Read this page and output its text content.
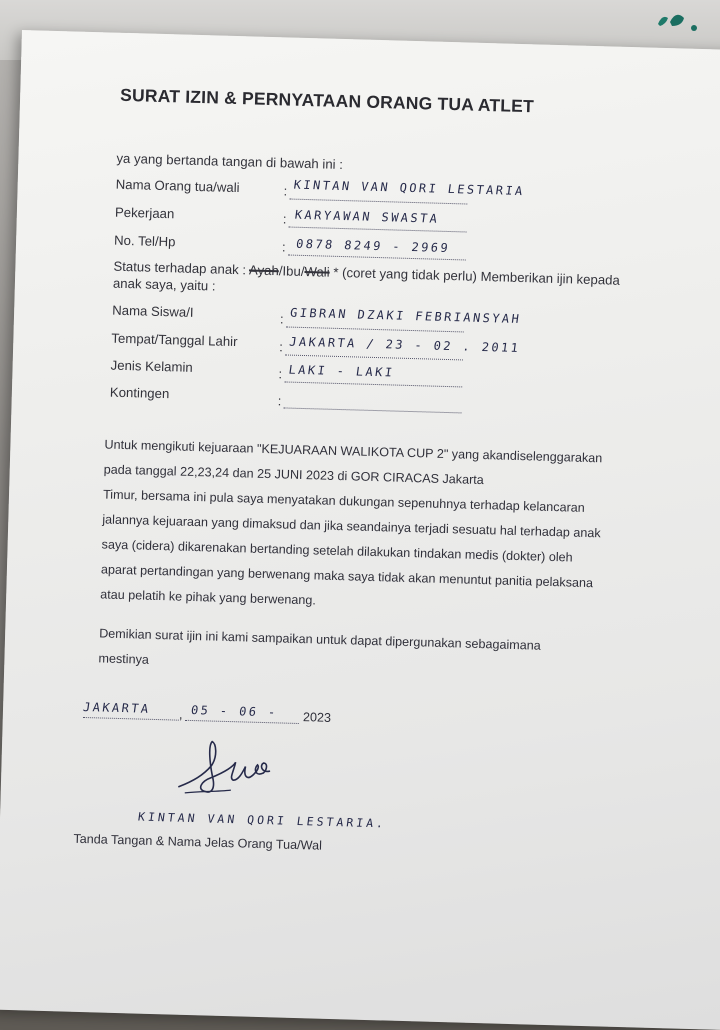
SURAT IZIN & PERNYATAAN ORANG TUA ATLET
ya yang bertanda tangan di bawah ini :
Nama Orang tua/wali	: KINTAN VAN QORI LESTARIA
Pekerjaan	: KARYAWAN SWASTA
No. Tel/Hp	: 0878 8249 - 2969
Status terhadap anak : Ayah/Ibu/Wali * (coret yang tidak perlu) Memberikan ijin kepada
anak saya, yaitu :
Nama Siswa/I	: GIBRAN DZAKI FEBRIANSYAH
Tempat/Tanggal Lahir	: JAKARTA / 23 - 02 . 2011
Jenis Kelamin	: LAKI - LAKI
Kontingen	:
Untuk mengikuti kejuaraan "KEJUARAAN WALIKOTA CUP 2" yang akandiselenggarakan
pada tanggal 22,23,24 dan 25 JUNI 2023 di GOR CIRACAS Jakarta
Timur, bersama ini pula saya menyatakan dukungan sepenuhnya terhadap kelancaran
jalannya kejuaraan yang dimaksud dan jika seandainya terjadi sesuatu hal terhadap anak
saya (cidera) dikarenakan bertanding setelah dilakukan tindakan medis (dokter) oleh
aparat pertandingan yang berwenang maka saya tidak akan menuntut panitia pelaksana
atau pelatih ke pihak yang berwenang.
Demikian surat ijin ini kami sampaikan untuk dapat dipergunakan sebagaimana
mestinya
JAKARTA , 05 - 06 - 2023
KINTAN VAN QORI LESTARIA.
Tanda Tangan & Nama Jelas Orang Tua/Wal
